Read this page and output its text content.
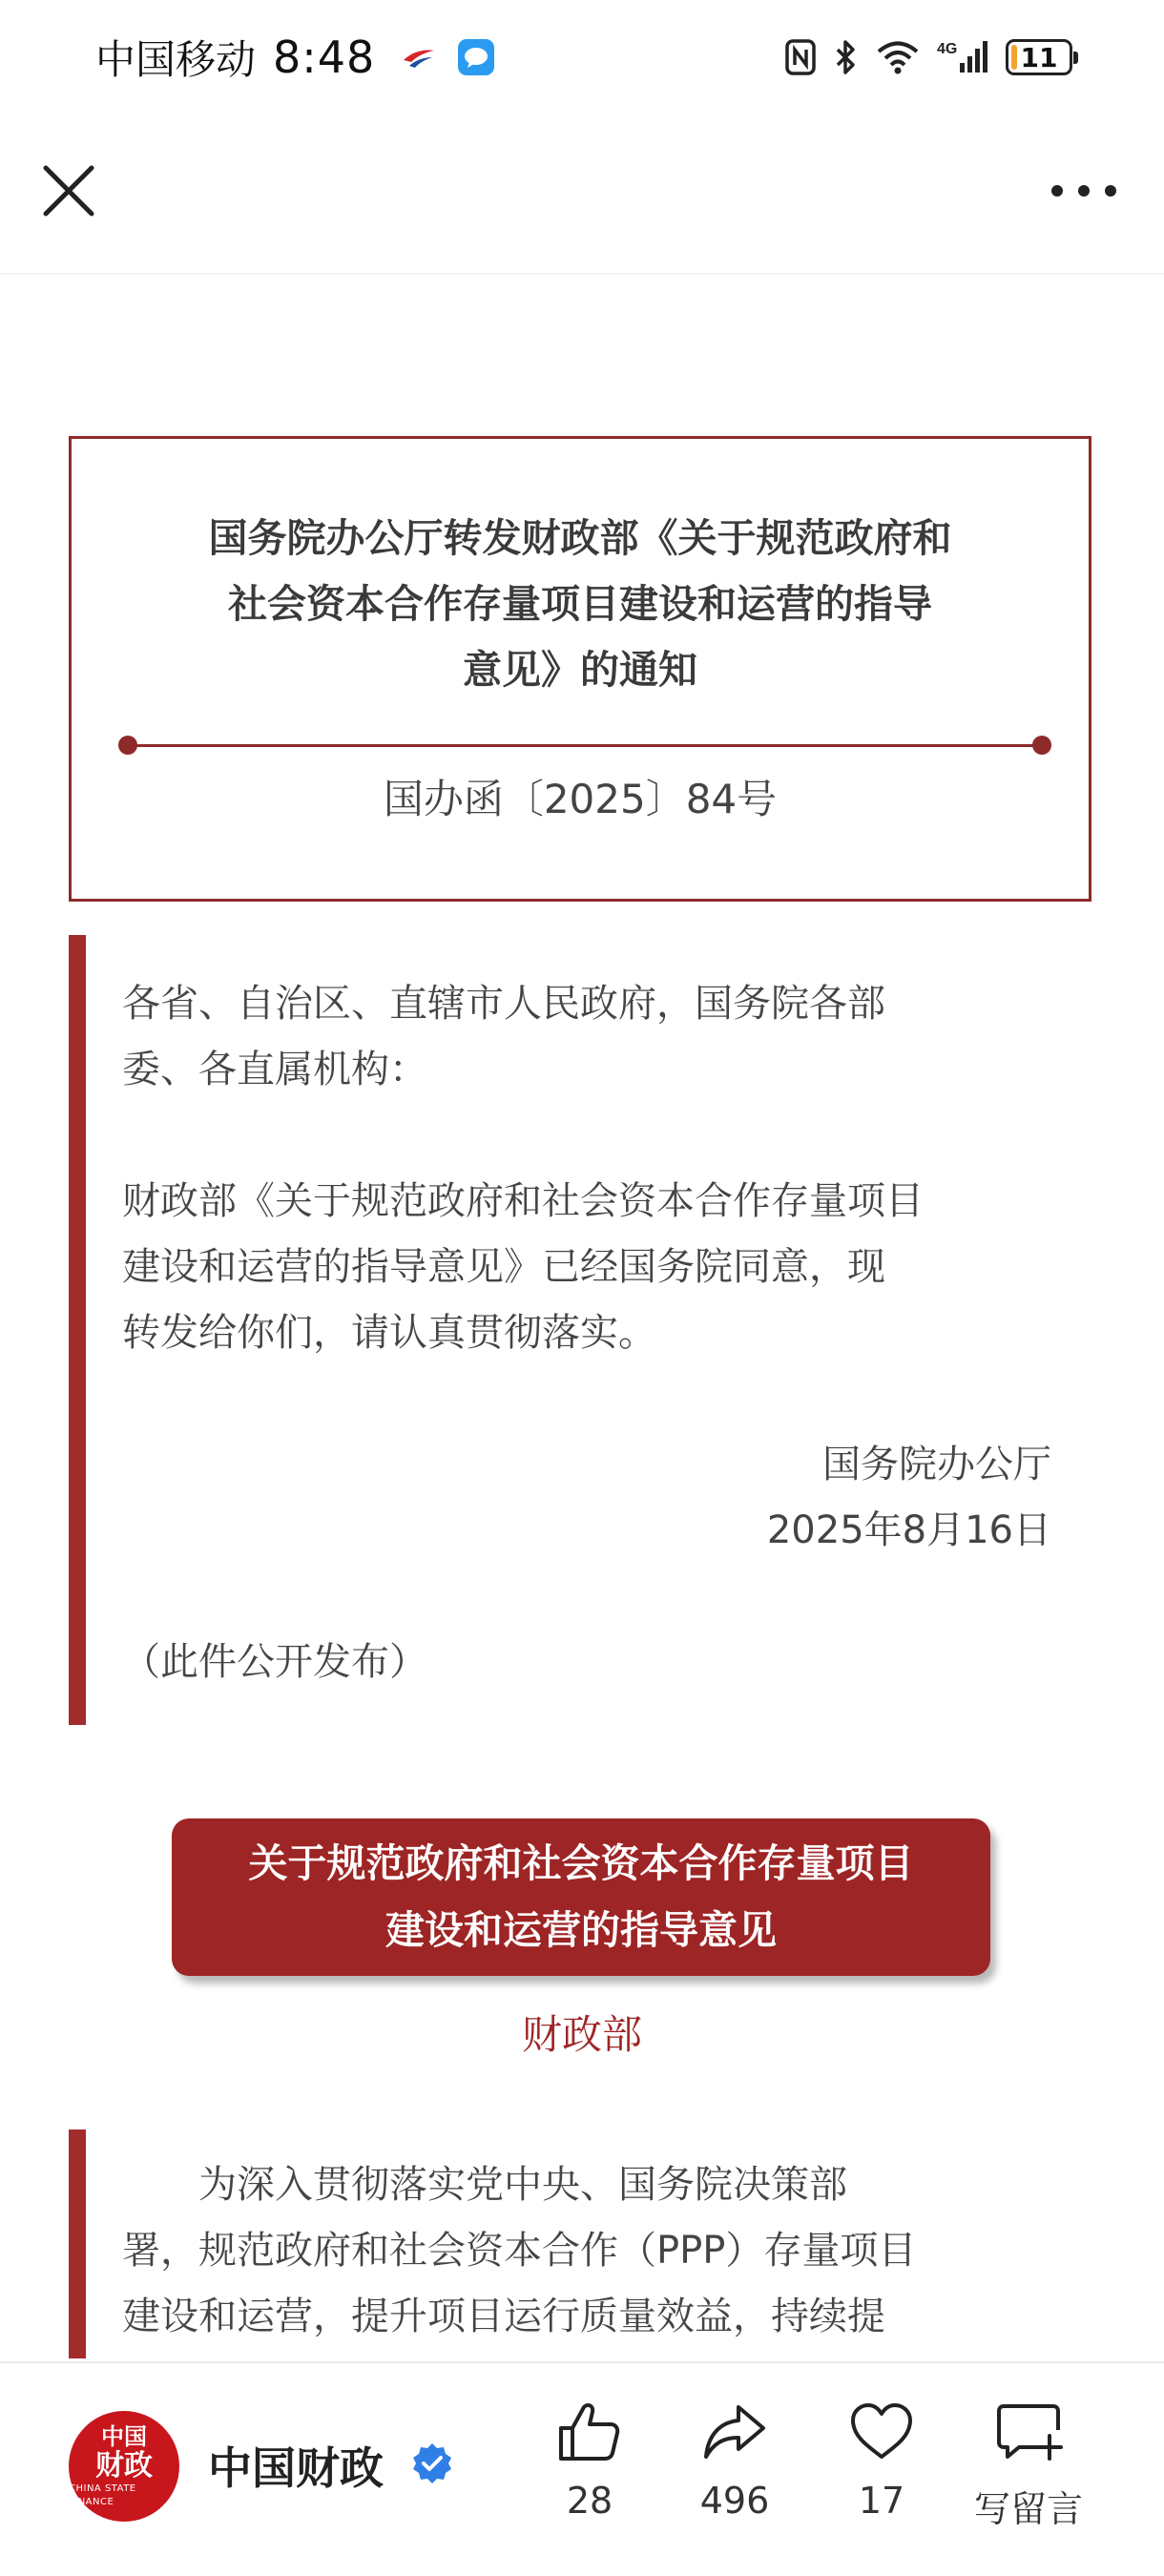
中国移动 8:48	4G 11
国务院办公厅转发财政部《关于规范政府和
社会资本合作存量项目建设和运营的指导
意见》的通知
国办函〔2025〕84号

各省、自治区、直辖市人民政府，国务院各部

委、各直属机构：

财政部《关于规范政府和社会资本合作存量项目

建设和运营的指导意见》已经国务院同意，现

转发给你们，请认真贯彻落实。

国务院办公厅

2025年8月16日

（此件公开发布）

关于规范政府和社会资本合作存量项目
建设和运营的指导意见
财政部

为深入贯彻落实党中央、国务院决策部

署，规范政府和社会资本合作（PPP）存量项目

建设和运营，提升项目运行质量效益，持续提

中国
财政
CHINA STATE FINANCE
中国财政
28	496	17	写留言
